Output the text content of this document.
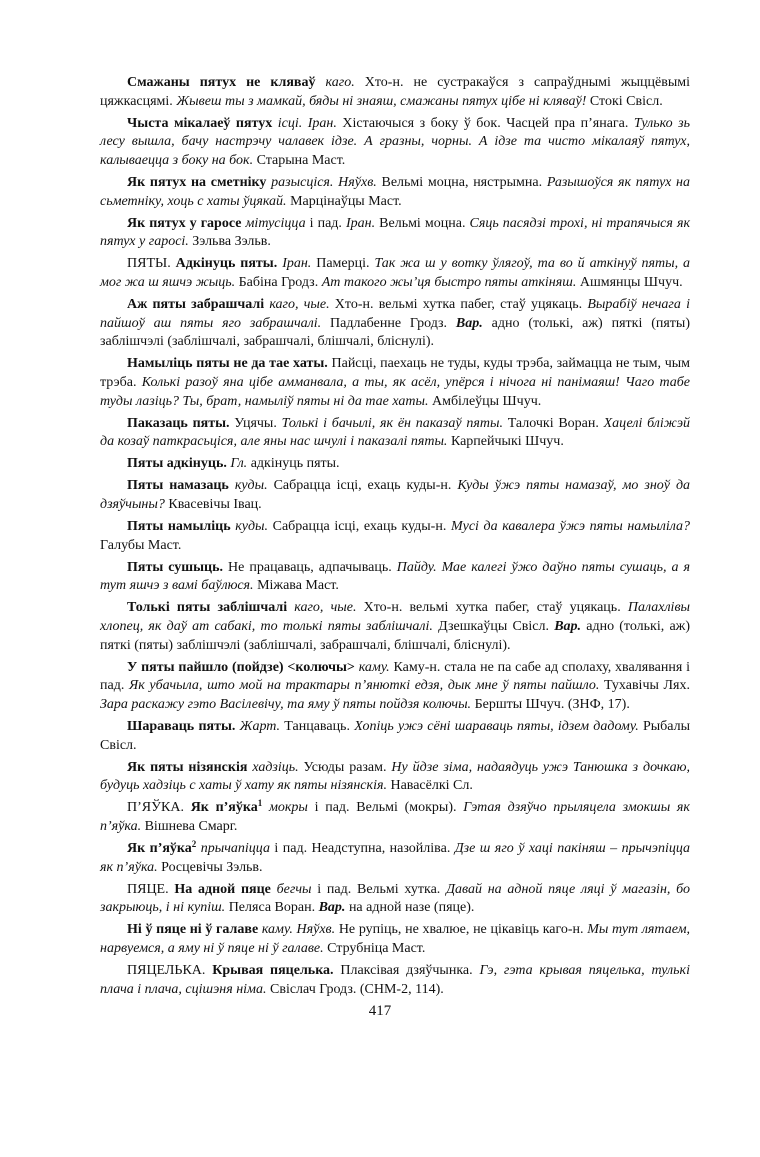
Смажаны пятух не кляваў каго. Хто-н. не сустракаўся з сапраўднымі жыццёвымі цяжкасцямі. Жывеш ты з мамкай, бяды ні знаяш, смажаны пятух цібе ні кляваў! Стокі Свісл.

Чыста мікалаеў пятух ісці. Іран. Хістаючыся з боку ў бок. Часцей пра п’янага. Тулько зь лесу вышла, бачу настрэчу чалавек ідзе. А гразны, чорны. А ідзе та чисто мікалаяў пятух, калываецца з боку на бок. Старына Маст.

Як пятух на сметніку разысціся. Няўхв. Вельмі моцна, нястрымна. Разышоўся як пятух на сьметніку, хоць с хаты ўцякай. Марцінаўцы Маст.

Як пятух у гаросе мітусіцца і пад. Іран. Вельмі моцна. Сяць пасядзі трохі, ні трапячыся як пятух у гаросі. Зэльва Зэльв.

ПЯТЫ. Адкінуць пяты. Іран. Памерці. Так жа ш у вотку ўлягоў, та во й аткінуў пяты, а мог жа ш яшчэ жыць. Бабіна Гродз. Ат такого жы’ця быстро пяты аткіняш. Ашмянцы Шчуч.

Аж пяты забрашчалі каго, чые. Хто-н. вельмі хутка пабег, стаў уцякаць. Вырабіў нечага і пайшоў аш пяты яго забрашчалі. Падлабенне Гродз. Вар. адно (толькі, аж) пяткі (пяты) заблішчэлі (заблішчалі, забрашчалі, блішчалі, бліснулі).

Намыліць пяты не да тае хаты. Пайсці, паехаць не туды, куды трэба, займацца не тым, чым трэба. Колькі разоў яна цібе амманвала, а ты, як асёл, упёрся і нічога ні панімаяш! Чаго табе туды лазіць? Ты, брат, намыліў пяты ні да тае хаты. Амбілеўцы Шчуч.

Паказаць пяты. Уцячы. Толькі і бачылі, як ён паказаў пяты. Талочкі Воран. Хацелі бліжэй да козаў паткрасьціся, але яны нас шчулі і паказалі пяты. Карпейчыкі Шчуч.

Пяты адкінуць. Гл. адкінуць пяты.

Пяты намазаць куды. Сабрацца ісці, ехаць куды-н. Куды ўжэ пяты намазаў, мо зноў да дзяўчыны? Квасевічы Івац.

Пяты намыліць куды. Сабрацца ісці, ехаць куды-н. Мусі да кавалера ўжэ пяты намыліла? Галубы Маст.

Пяты сушыць. Не працаваць, адпачываць. Пайду. Мае калегі ўжо даўно пяты сушаць, а я тут яшчэ з вамі баўлюся. Міжава Маст.

Толькі пяты заблішчалі каго, чые. Хто-н. вельмі хутка пабег, стаў уцякаць. Палахлівы хлопец, як даў ат сабакі, то толькі пяты заблішчалі. Дзешкаўцы Свісл. Вар. адно (толькі, аж) пяткі (пяты) заблішчэлі (заблішчалі, забрашчалі, блішчалі, бліснулі).

У пяты пайшло (пойдзе) <колючы> каму. Каму-н. стала не па сабе ад сполаху, хвалявання і пад. Як убачыла, што мой на трактары п’янюткі едзя, дык мне ў пяты пайшло. Тухавічы Лях. Зара раскажу гэто Васілевічу, та яму ў пяты пойдзя колючы. Бершты Шчуч. (ЗНФ, 17).

Шараваць пяты. Жарт. Танцаваць. Хопіць ужэ сёні шараваць пяты, ідзем дадому. Рыбалы Свісл.

Як пяты нізянскія хадзіць. Усюды разам. Ну йдзе зіма, надаядуць ужэ Танюшка з дочкаю, будуць хадзіць с хаты ў хату як пяты нізянскія. Навасёлкі Сл.

П’ЯЎКА. Як п’яўка$^1$ мокры і пад. Вельмі (мокры). Гэтая дзяўчо прыляцела змокшы як п’яўка. Вішнева Смарг.

Як п’яўка$^2$ прычапіцца і пад. Неадступна, назойліва. Дзе ш яго ў хаці пакіняш – прычэпіцца як п’яўка. Росцевічы Зэльв.

ПЯЦЕ. На адной пяце бегчы і пад. Вельмі хутка. Давай на адной пяце ляці ў магазін, бо закрыюць, і ні купіш. Пеляса Воран. Вар. на адной назе (пяце).

Ні ў пяце ні ў галаве каму. Няўхв. Не рупіць, не хвалюе, не цікавіць каго-н. Мы тут лятаем, нарвуемся, а яму ні ў пяце ні ў галаве. Струбніца Маст.

ПЯЦЕЛЬКА. Крывая пяцелька. Плаксівая дзяўчынка. Гэ, гэта крывая пяцелька, тулькі плача і плача, сцішэня німа. Свіслач Гродз. (СНМ-2, 114).

417
